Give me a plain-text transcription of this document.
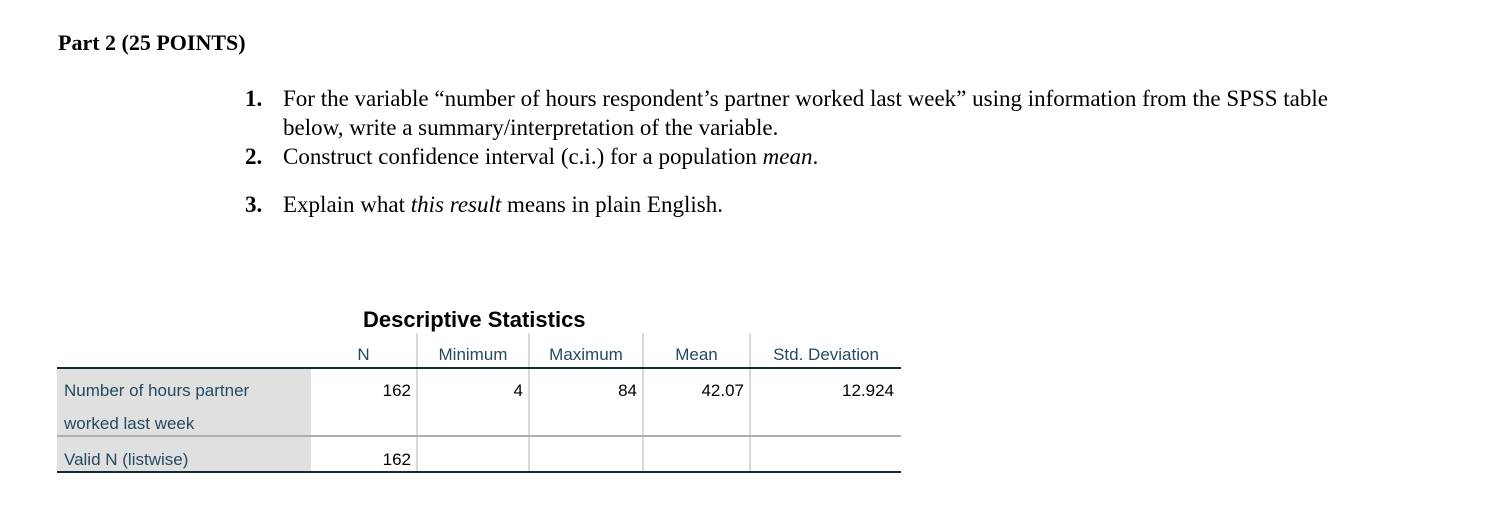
Part 2 (25 POINTS)
1. For the variable “number of hours respondent’s partner worked last week” using information from the SPSS table below, write a summary/interpretation of the variable.
2. Construct confidence interval (c.i.) for a population mean.
3. Explain what this result means in plain English.
Descriptive Statistics
N	Minimum	Maximum	Mean	Std. Deviation
Number of hours partner
worked last week
162	4	84	42.07	12.924
Valid N (listwise)	162
